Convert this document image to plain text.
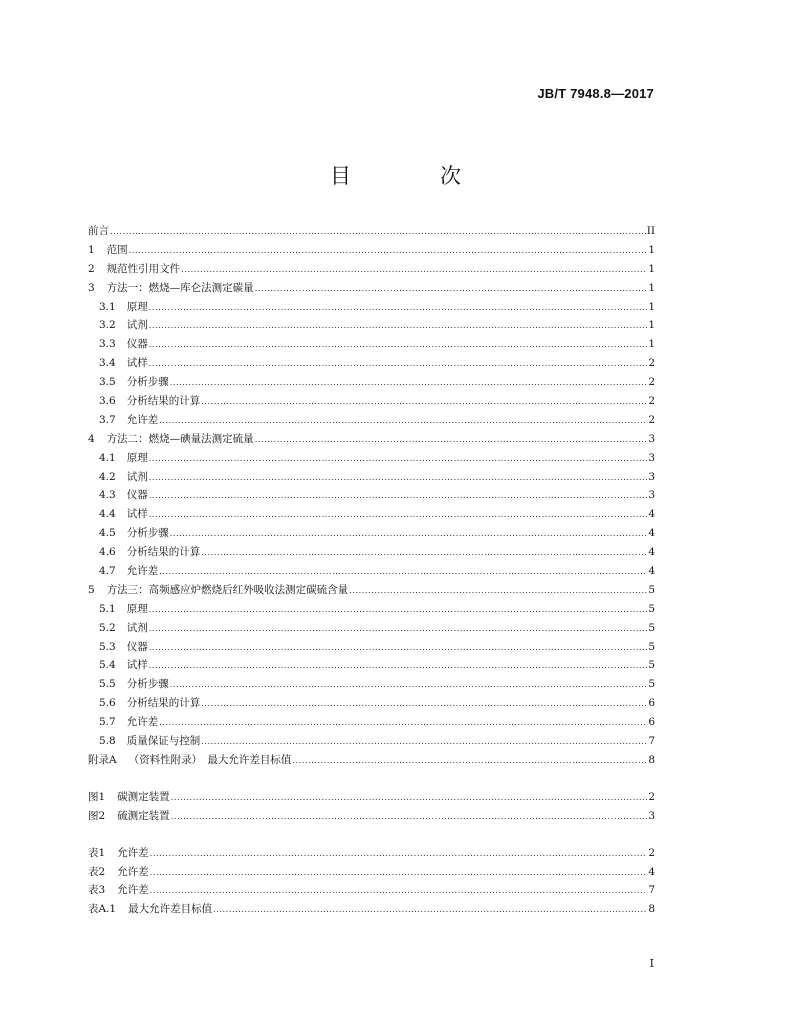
JB/T 7948.8—2017
目　次
前言 .....	II
1 范围 .....	1
2 规范性引用文件 .....	1
3 方法一：燃烧—库仑法测定碳量 .....	1
3.1 原理 .....	1
3.2 试剂 .....	1
3.3 仪器 .....	1
3.4 试样 .....	2
3.5 分析步骤 .....	2
3.6 分析结果的计算 .....	2
3.7 允许差 .....	2
4 方法二：燃烧—碘量法测定硫量 .....	3
4.1 原理 .....	3
4.2 试剂 .....	3
4.3 仪器 .....	3
4.4 试样 .....	4
4.5 分析步骤 .....	4
4.6 分析结果的计算 .....	4
4.7 允许差 .....	4
5 方法三：高频感应炉燃烧后红外吸收法测定碳硫含量 .....	5
5.1 原理 .....	5
5.2 试剂 .....	5
5.3 仪器 .....	5
5.4 试样 .....	5
5.5 分析步骤 .....	5
5.6 分析结果的计算 .....	6
5.7 允许差 .....	6
5.8 质量保证与控制 .....	7
附录A （资料性附录）　最大允许差目标值 .....	8
图1 碳测定装置 .....	2
图2 硫测定装置 .....	3
表1 允许差 .....	2
表2 允许差 .....	4
表3 允许差 .....	7
表A.1 最大允许差目标值 .....	8
I
